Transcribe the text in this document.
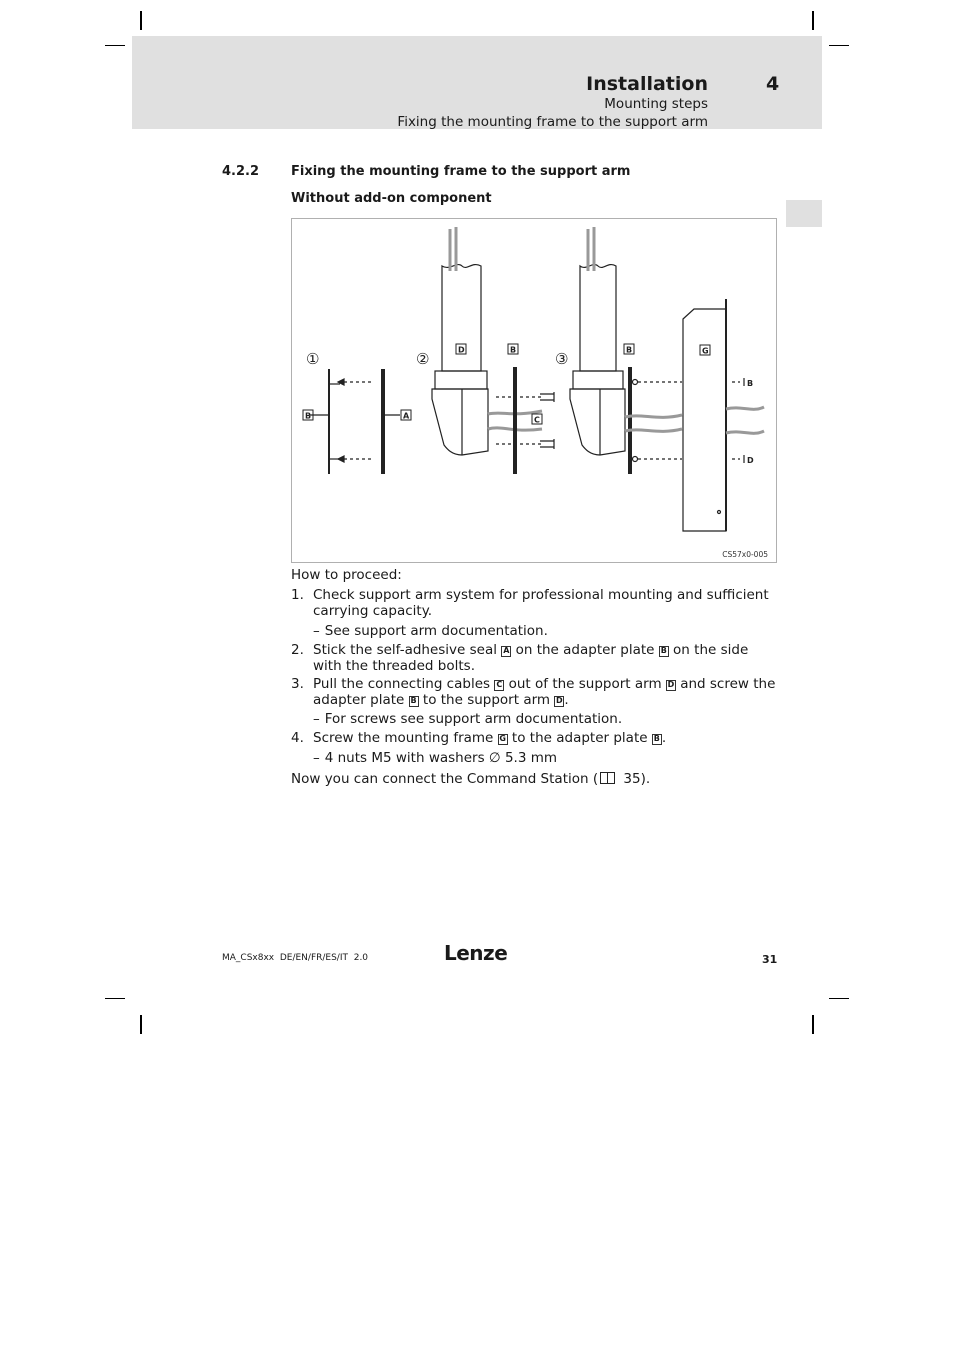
Installation	4
Mounting steps
Fixing the mounting frame to the support arm
4.2.2 Fixing the mounting frame to the support arm
Without add-on component
①	②	③
B	A
D	B
C
B	G
B
D
CS57x0-005
How to proceed:
1. Check support arm system for professional mounting and sufficient carrying capacity.
– See support arm documentation.
2. Stick the self-adhesive seal A on the adapter plate B on the side with the threaded bolts.
3. Pull the connecting cables C out of the support arm D and screw the adapter plate B to the support arm D .
– For screws see support arm documentation.
4. Screw the mounting frame G to the adapter plate B .
– 4 nuts M5 with washers ∅ 5.3 mm
Now you can connect the Command Station ( 35).
MA_CSx8xx  DE/EN/FR/ES/IT  2.0	Lenze	31
